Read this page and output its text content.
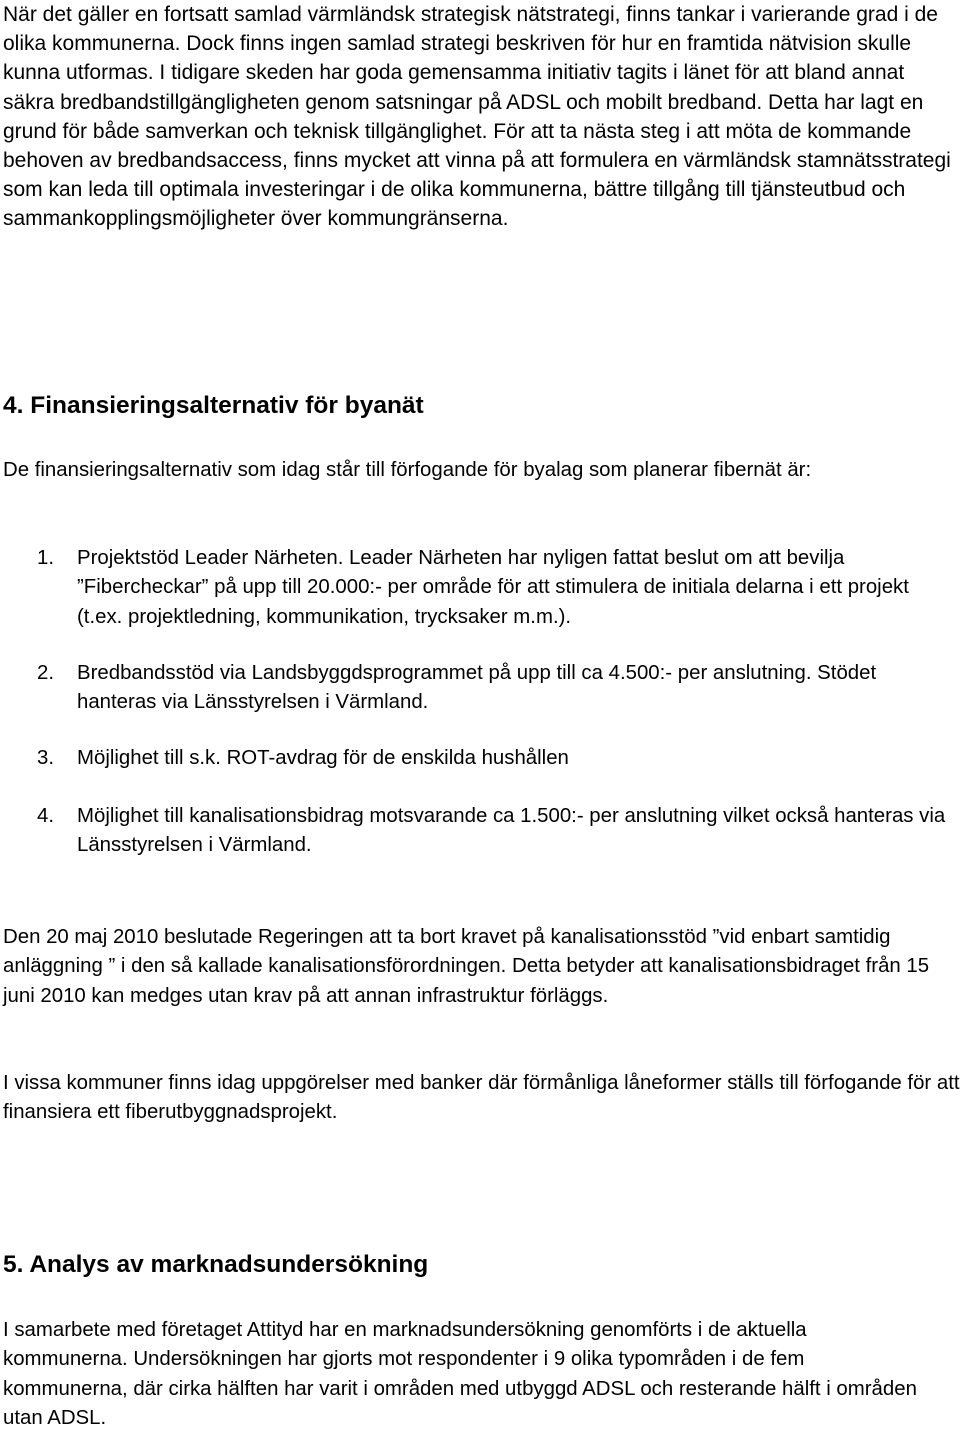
När det gäller en fortsatt samlad värmländsk strategisk nätstrategi, finns tankar i varierande grad i de olika kommunerna. Dock finns ingen samlad strategi beskriven för hur en framtida nätvision skulle kunna utformas. I tidigare skeden har goda gemensamma initiativ tagits i länet för att bland annat säkra bredbandstillgängligheten genom satsningar på ADSL och mobilt bredband. Detta har lagt en grund för både samverkan och teknisk tillgänglighet. För att ta nästa steg i att möta de kommande behoven av bredbandsaccess, finns mycket att vinna på att formulera en värmländsk stamnätsstrategi som kan leda till optimala investeringar i de olika kommunerna, bättre tillgång till tjänsteutbud och sammankopplingsmöjligheter över kommungränserna.

4. Finansieringsalternativ för byanät

De finansieringsalternativ som idag står till förfogande för byalag som planerar fibernät är:

1.	Projektstöd Leader Närheten. Leader Närheten har nyligen fattat beslut om att bevilja ”Fibercheckar” på upp till 20.000:- per område för att stimulera de initiala delarna i ett projekt (t.ex. projektledning, kommunikation, trycksaker m.m.).
2.	Bredbandsstöd via Landsbyggdsprogrammet på upp till ca 4.500:- per anslutning. Stödet hanteras via Länsstyrelsen i Värmland.
3.	Möjlighet till s.k. ROT-avdrag för de enskilda hushållen
4.	Möjlighet till kanalisationsbidrag motsvarande ca 1.500:- per anslutning vilket också hanteras via Länsstyrelsen i Värmland.

Den 20 maj 2010 beslutade Regeringen att ta bort kravet på kanalisationsstöd ”vid enbart samtidig anläggning ” i den så kallade kanalisationsförordningen. Detta betyder att kanalisationsbidraget från 15 juni 2010 kan medges utan krav på att annan infrastruktur förläggs.

I vissa kommuner finns idag uppgörelser med banker där förmånliga låneformer ställs till förfogande för att finansiera ett fiberutbyggnadsprojekt.

5. Analys av marknadsundersökning

I samarbete med företaget Attityd har en marknadsundersökning genomförts i de aktuella kommunerna. Undersökningen har gjorts mot respondenter i 9 olika typområden i de fem kommunerna, där cirka hälften har varit i områden med utbyggd ADSL och resterande hälft i områden utan ADSL.
